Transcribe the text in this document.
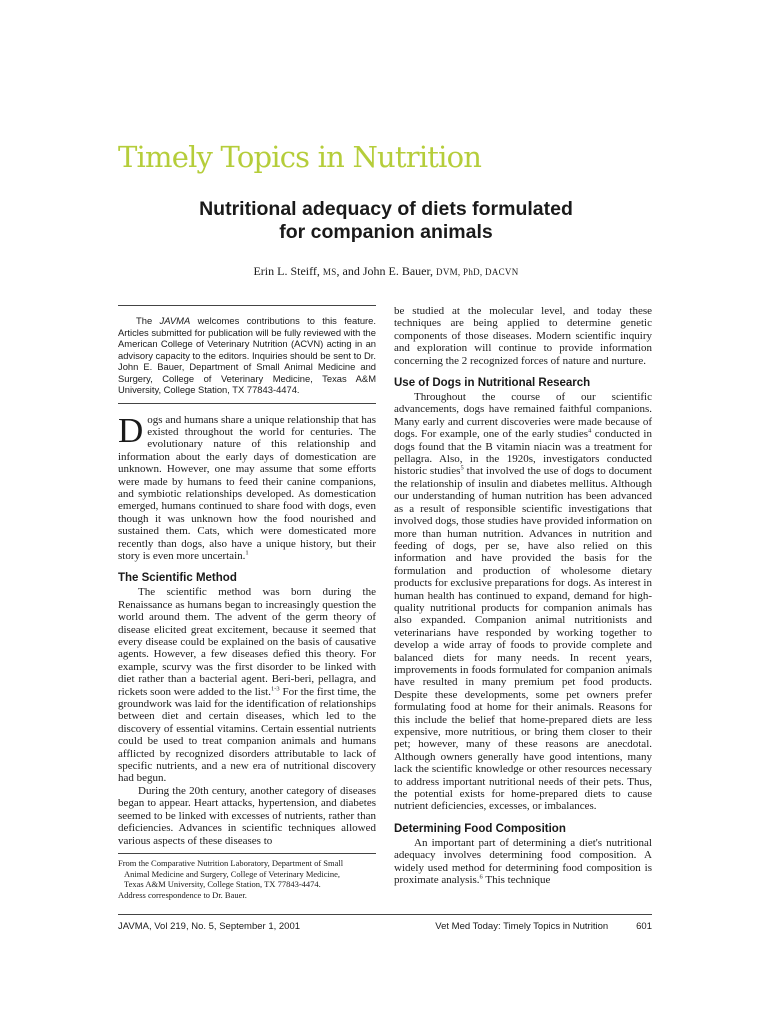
Timely Topics in Nutrition
Nutritional adequacy of diets formulated
for companion animals
Erin L. Steiff, MS, and John E. Bauer, DVM, PhD, DACVN
The JAVMA welcomes contributions to this feature. Articles submitted for publication will be fully reviewed with the American College of Veterinary Nutrition (ACVN) acting in an advisory capacity to the editors. Inquiries should be sent to Dr. John E. Bauer, Department of Small Animal Medicine and Surgery, College of Veterinary Medicine, Texas A&M University, College Station, TX 77843-4474.

Dogs and humans share a unique relationship that has existed throughout the world for centuries. The evolutionary nature of this relationship and information about the early days of domestication are unknown. However, one may assume that some efforts were made by humans to feed their canine companions, and symbiotic relationships developed. As domestication emerged, humans continued to share food with dogs, even though it was unknown how the food nourished and sustained them. Cats, which were domesticated more recently than dogs, also have a unique history, but their story is even more uncertain.$^1$

The Scientific Method

The scientific method was born during the Renaissance as humans began to increasingly question the world around them. The advent of the germ theory of disease elicited great excitement, because it seemed that every disease could be explained on the basis of causative agents. However, a few diseases defied this theory. For example, scurvy was the first disorder to be linked with diet rather than a bacterial agent. Beri-beri, pellagra, and rickets soon were added to the list.$^{1-3}$ For the first time, the groundwork was laid for the identification of relationships between diet and certain diseases, which led to the discovery of essential vitamins. Certain essential nutrients could be used to treat companion animals and humans afflicted by recognized disorders attributable to lack of specific nutrients, and a new era of nutritional discovery had begun.

During the 20th century, another category of diseases began to appear. Heart attacks, hypertension, and diabetes seemed to be linked with excesses of nutrients, rather than deficiencies. Advances in scientific techniques allowed various aspects of these diseases to

From the Comparative Nutrition Laboratory, Department of Small
Animal Medicine and Surgery, College of Veterinary Medicine,
Texas A&M University, College Station, TX 77843-4474.
Address correspondence to Dr. Bauer.

be studied at the molecular level, and today these techniques are being applied to determine genetic components of those diseases. Modern scientific inquiry and exploration will continue to provide information concerning the 2 recognized forces of nature and nurture.

Use of Dogs in Nutritional Research

Throughout the course of our scientific advancements, dogs have remained faithful companions. Many early and current discoveries were made because of dogs. For example, one of the early studies$^4$ conducted in dogs found that the B vitamin niacin was a treatment for pellagra. Also, in the 1920s, investigators conducted historic studies$^5$ that involved the use of dogs to document the relationship of insulin and diabetes mellitus. Although our understanding of human nutrition has been advanced as a result of responsible scientific investigations that involved dogs, those studies have provided information on more than human nutrition. Advances in nutrition and feeding of dogs, per se, have also relied on this information and have provided the basis for the formulation and production of wholesome dietary products for exclusive preparations for dogs. As interest in human health has continued to expand, demand for high-quality nutritional products for companion animals has also expanded. Companion animal nutritionists and veterinarians have responded by working together to develop a wide array of foods to provide complete and balanced diets for many needs. In recent years, improvements in foods formulated for companion animals have resulted in many premium pet food products. Despite these developments, some pet owners prefer formulating food at home for their animals. Reasons for this include the belief that home-prepared diets are less expensive, more nutritious, or bring them closer to their pet; however, many of these reasons are anecdotal. Although owners generally have good intentions, many lack the scientific knowledge or other resources necessary to address important nutritional needs of their pets. Thus, the potential exists for home-prepared diets to cause nutrient deficiencies, excesses, or imbalances.

Determining Food Composition

An important part of determining a diet's nutritional adequacy involves determining food composition. A widely used method for determining food composition is proximate analysis.$^6$ This technique

JAVMA, Vol 219, No. 5, September 1, 2001	Vet Med Today: Timely Topics in Nutrition	601
